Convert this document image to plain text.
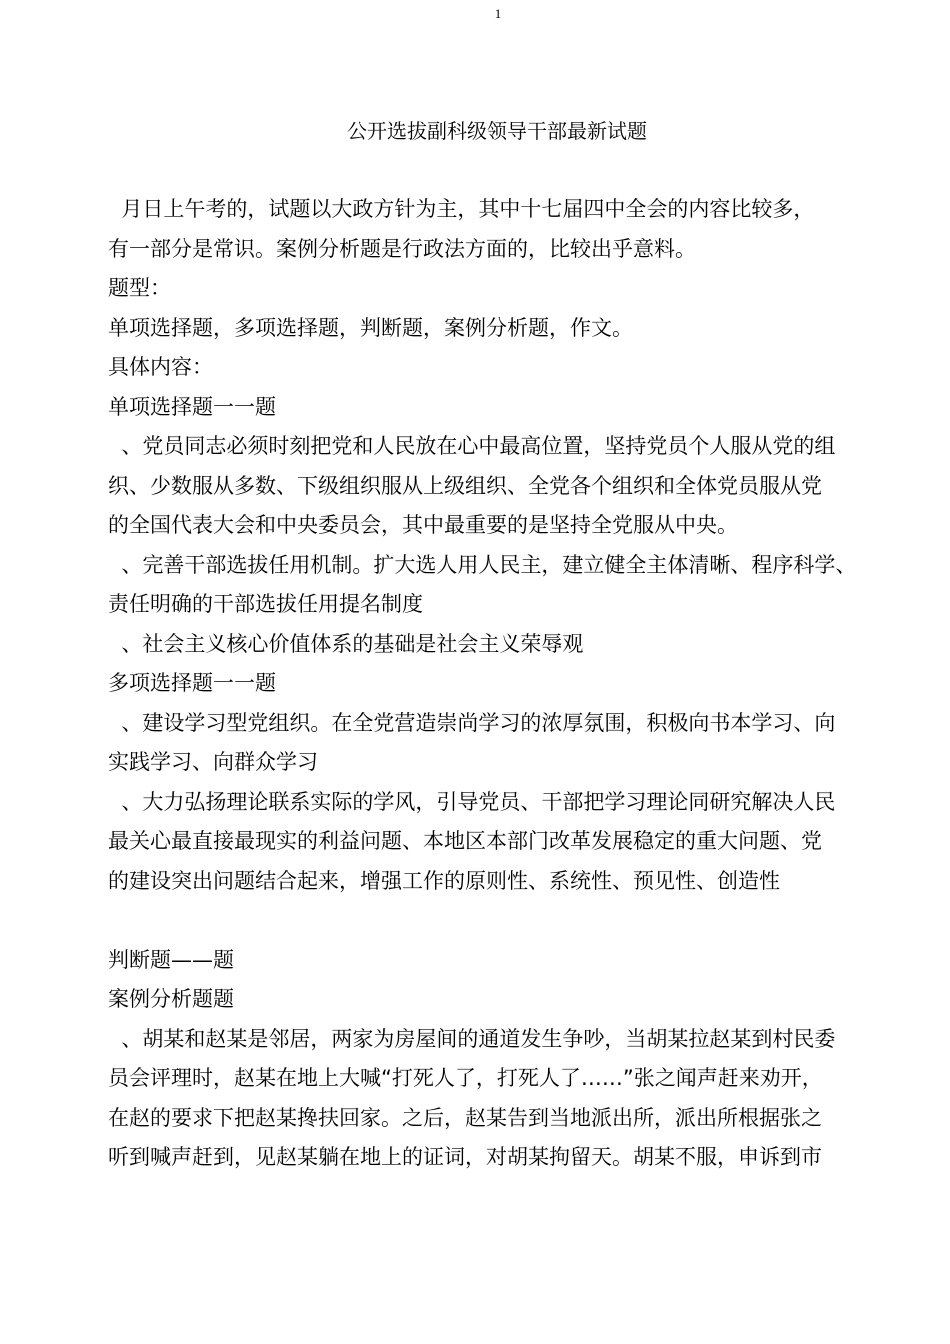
1
公开选拔副科级领导干部最新试题
月日上午考的，试题以大政方针为主，其中十七届四中全会的内容比较多，
有一部分是常识。案例分析题是行政法方面的，比较出乎意料。
题型：
单项选择题，多项选择题，判断题，案例分析题，作文。
具体内容：
单项选择题一一题
、党员同志必须时刻把党和人民放在心中最高位置，坚持党员个人服从党的组
织、少数服从多数、下级组织服从上级组织、全党各个组织和全体党员服从党
的全国代表大会和中央委员会，其中最重要的是坚持全党服从中央。
、完善干部选拔任用机制。扩大选人用人民主，建立健全主体清晰、程序科学、
责任明确的干部选拔任用提名制度
、社会主义核心价值体系的基础是社会主义荣辱观
多项选择题一一题
、建设学习型党组织。在全党营造崇尚学习的浓厚氛围，积极向书本学习、向
实践学习、向群众学习
、大力弘扬理论联系实际的学风，引导党员、干部把学习理论同研究解决人民
最关心最直接最现实的利益问题、本地区本部门改革发展稳定的重大问题、党
的建设突出问题结合起来，增强工作的原则性、系统性、预见性、创造性
判断题——题
案例分析题题
、胡某和赵某是邻居，两家为房屋间的通道发生争吵，当胡某拉赵某到村民委
员会评理时，赵某在地上大喊“打死人了，打死人了……”张之闻声赶来劝开，
在赵的要求下把赵某搀扶回家。之后，赵某告到当地派出所，派出所根据张之
听到喊声赶到，见赵某躺在地上的证词，对胡某拘留天。胡某不服，申诉到市
